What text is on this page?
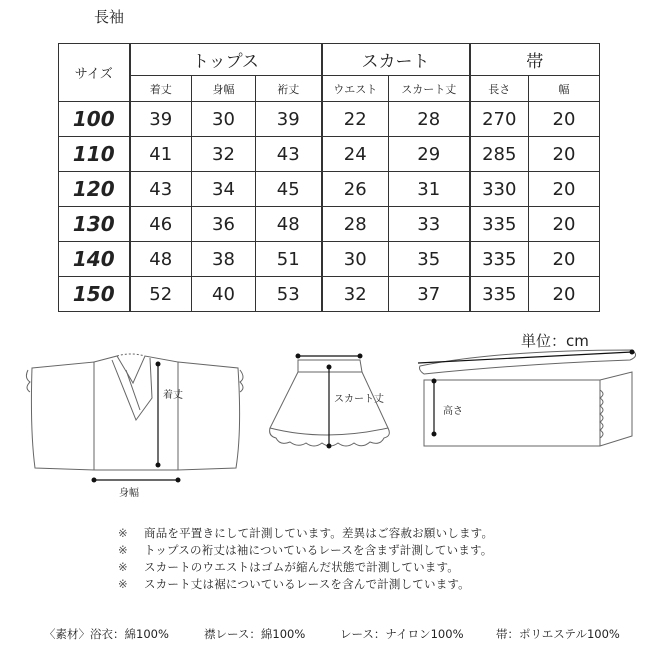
長袖
サイズ	トップス			スカート		帯	
	着丈	身幅	裄丈	ウエスト	スカート丈	長さ	幅
100	39	30	39	22	28	270	20
110	41	32	43	24	29	285	20
120	43	34	45	26	31	330	20
130	46	36	48	28	33	335	20
140	48	38	51	30	35	335	20
150	52	40	53	32	37	335	20
単位：cm
着丈
身幅
スカート丈
高さ
※ 商品を平置きにして計測しています。差異はご容赦お願いします。
※ トップスの裄丈は袖についているレースを含まず計測しています。
※ スカートのウエストはゴムが縮んだ状態で計測しています。
※ スカート丈は裾についているレースを含んで計測しています。
〈素材〉浴衣：綿100%	襟レース：綿100%	レース：ナイロン100%	帯：ポリエステル100%
